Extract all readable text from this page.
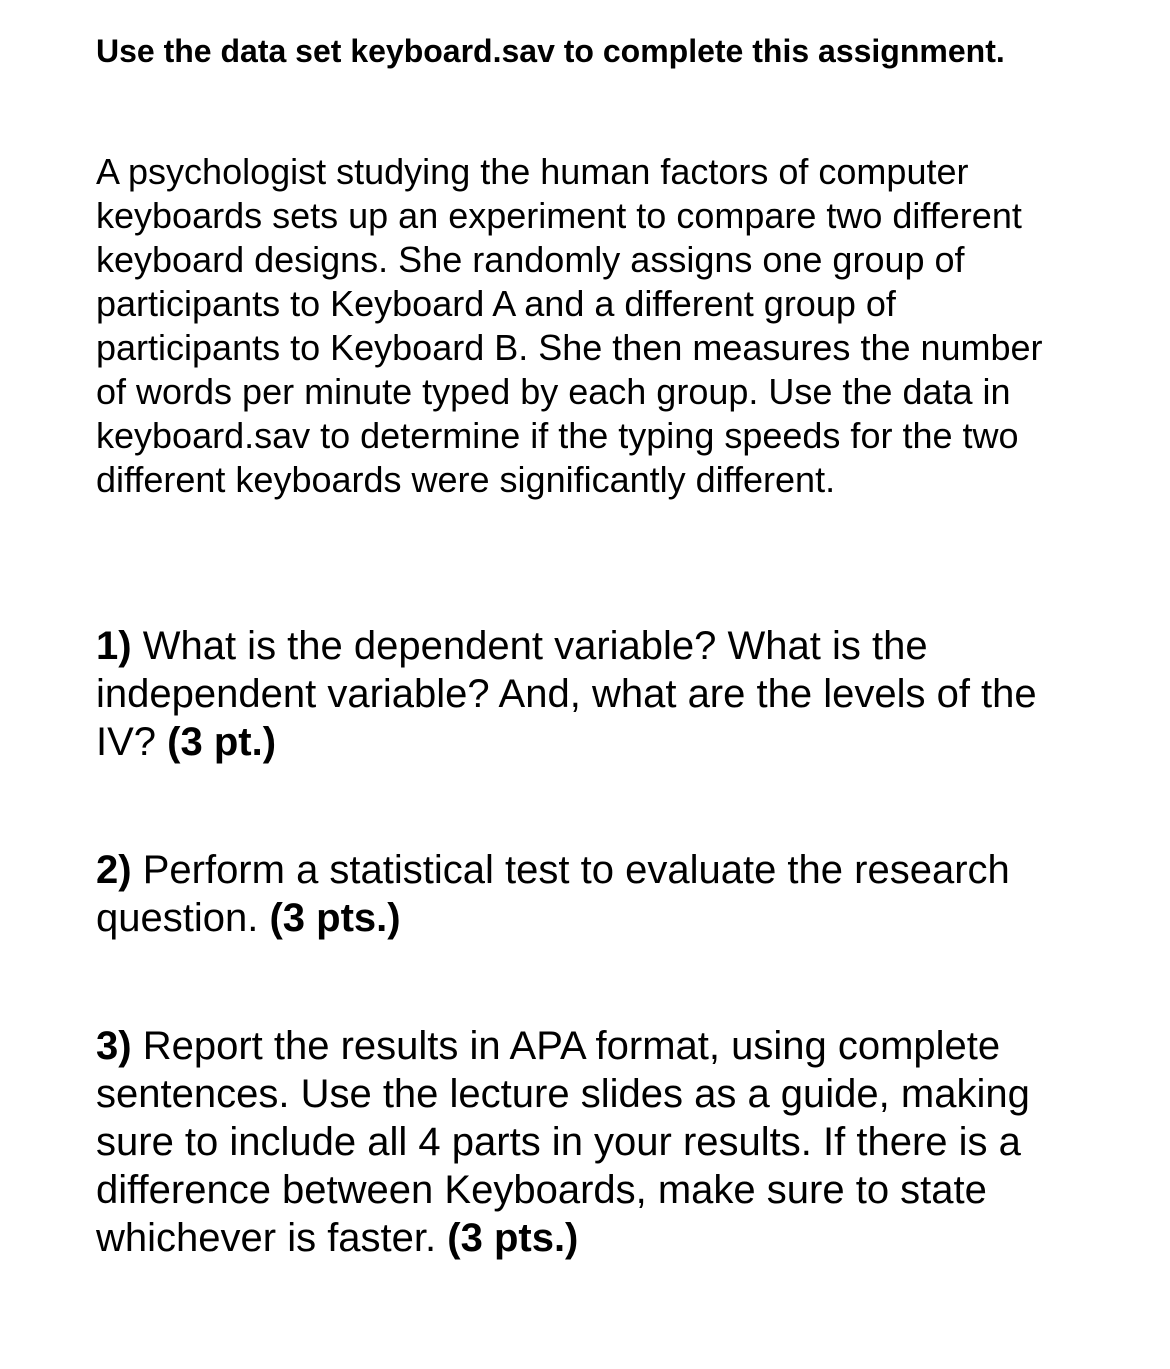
Use the data set keyboard.sav to complete this assignment.

A psychologist studying the human factors of computer keyboards sets up an experiment to compare two different keyboard designs. She randomly assigns one group of participants to Keyboard A and a different group of participants to Keyboard B. She then measures the number of words per minute typed by each group. Use the data in keyboard.sav to determine if the typing speeds for the two different keyboards were significantly different.

1) What is the dependent variable? What is the independent variable? And, what are the levels of the IV? (3 pt.)

2) Perform a statistical test to evaluate the research question. (3 pts.)

3) Report the results in APA format, using complete sentences. Use the lecture slides as a guide, making sure to include all 4 parts in your results. If there is a difference between Keyboards, make sure to state whichever is faster. (3 pts.)
